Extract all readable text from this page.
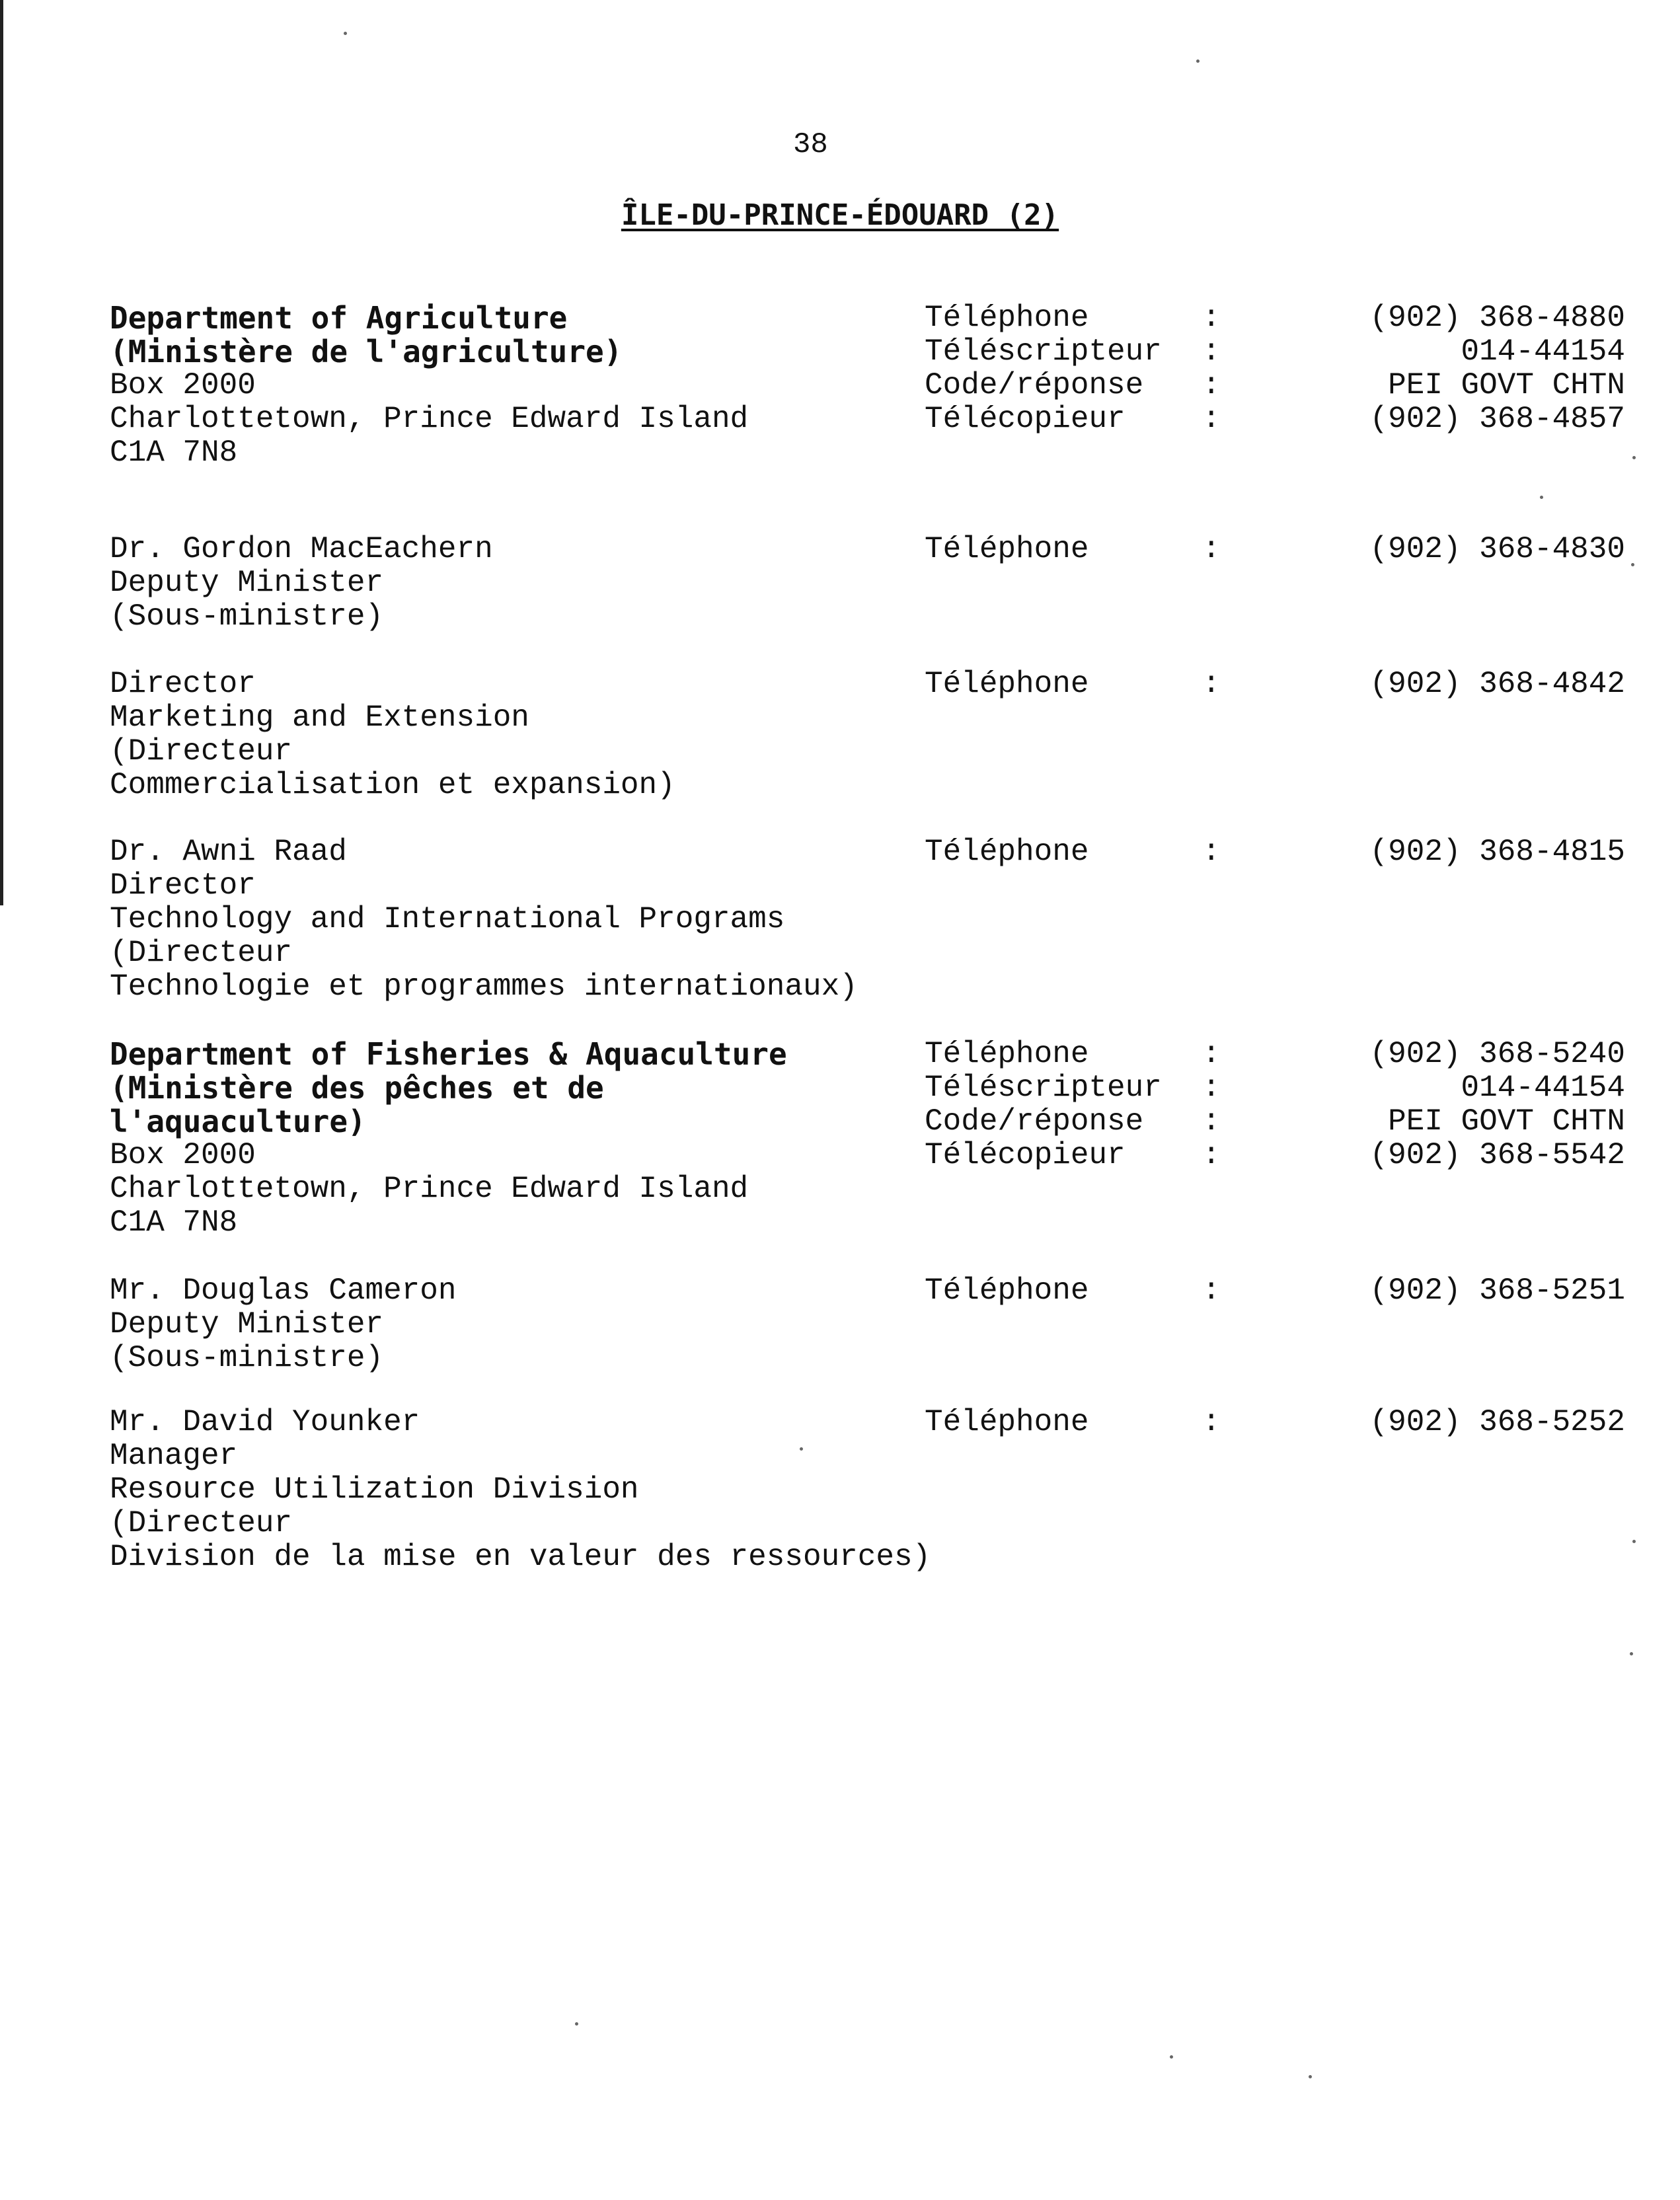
38
ÎLE-DU-PRINCE-ÉDOUARD (2)
Department of Agriculture
(Ministère de l'agriculture)
Box 2000
Charlottetown, Prince Edward Island
C1A 7N8
Téléphone	:	(902) 368-4880
Téléscripteur :	014-44154
Code/réponse :	PEI GOVT CHTN
Télécopieur	:	(902) 368-4857
Dr. Gordon MacEachern
Deputy Minister
(Sous-ministre)
Téléphone	:	(902) 368-4830
Director
Marketing and Extension
(Directeur
Commercialisation et expansion)
Téléphone	:	(902) 368-4842
Dr. Awni Raad
Director
Technology and International Programs
(Directeur
Technologie et programmes internationaux)
Téléphone	:	(902) 368-4815
Department of Fisheries & Aquaculture
(Ministère des pêches et de
l'aquaculture)
Box 2000
Charlottetown, Prince Edward Island
C1A 7N8
Téléphone	:	(902) 368-5240
Téléscripteur :	014-44154
Code/réponse :	PEI GOVT CHTN
Télécopieur	:	(902) 368-5542
Mr. Douglas Cameron
Deputy Minister
(Sous-ministre)
Téléphone	:	(902) 368-5251
Mr. David Younker
Manager
Resource Utilization Division
(Directeur
Division de la mise en valeur des ressources)
Téléphone	:	(902) 368-5252
